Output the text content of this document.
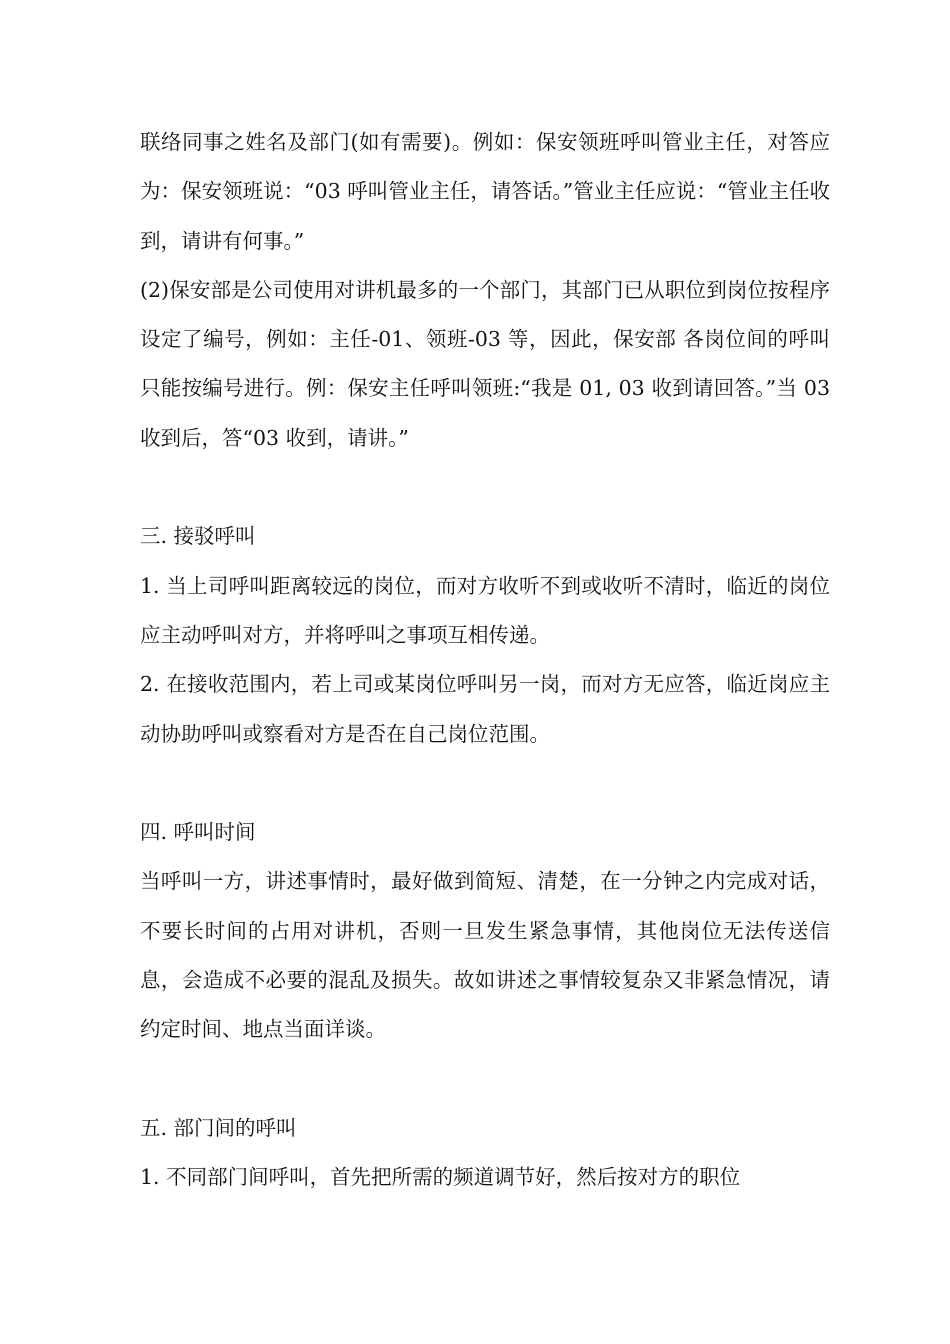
联络同事之姓名及部门(如有需要)。例如：保安领班呼叫管业主任，对答应为：保安领班说：“03 呼叫管业主任，请答话。”管业主任应说：“管业主任收到，请讲有何事。”

(2)保安部是公司使用对讲机最多的一个部门，其部门已从职位到岗位按程序设定了编号，例如：主任-01、领班-03 等，因此，保安部 各岗位间的呼叫只能按编号进行。例：保安主任呼叫领班:“我是 01, 03 收到请回答。”当 03 收到后，答“03 收到，请讲。”

三. 接驳呼叫

1. 当上司呼叫距离较远的岗位，而对方收听不到或收听不清时，临近的岗位应主动呼叫对方，并将呼叫之事项互相传递。

2. 在接收范围内，若上司或某岗位呼叫另一岗，而对方无应答，临近岗应主动协助呼叫或察看对方是否在自己岗位范围。

四. 呼叫时间

当呼叫一方，讲述事情时，最好做到简短、清楚，在一分钟之内完成对话，不要长时间的占用对讲机，否则一旦发生紧急事情，其他岗位无法传送信息，会造成不必要的混乱及损失。故如讲述之事情较复杂又非紧急情况，请约定时间、地点当面详谈。

五. 部门间的呼叫

1. 不同部门间呼叫，首先把所需的频道调节好，然后按对方的职位
